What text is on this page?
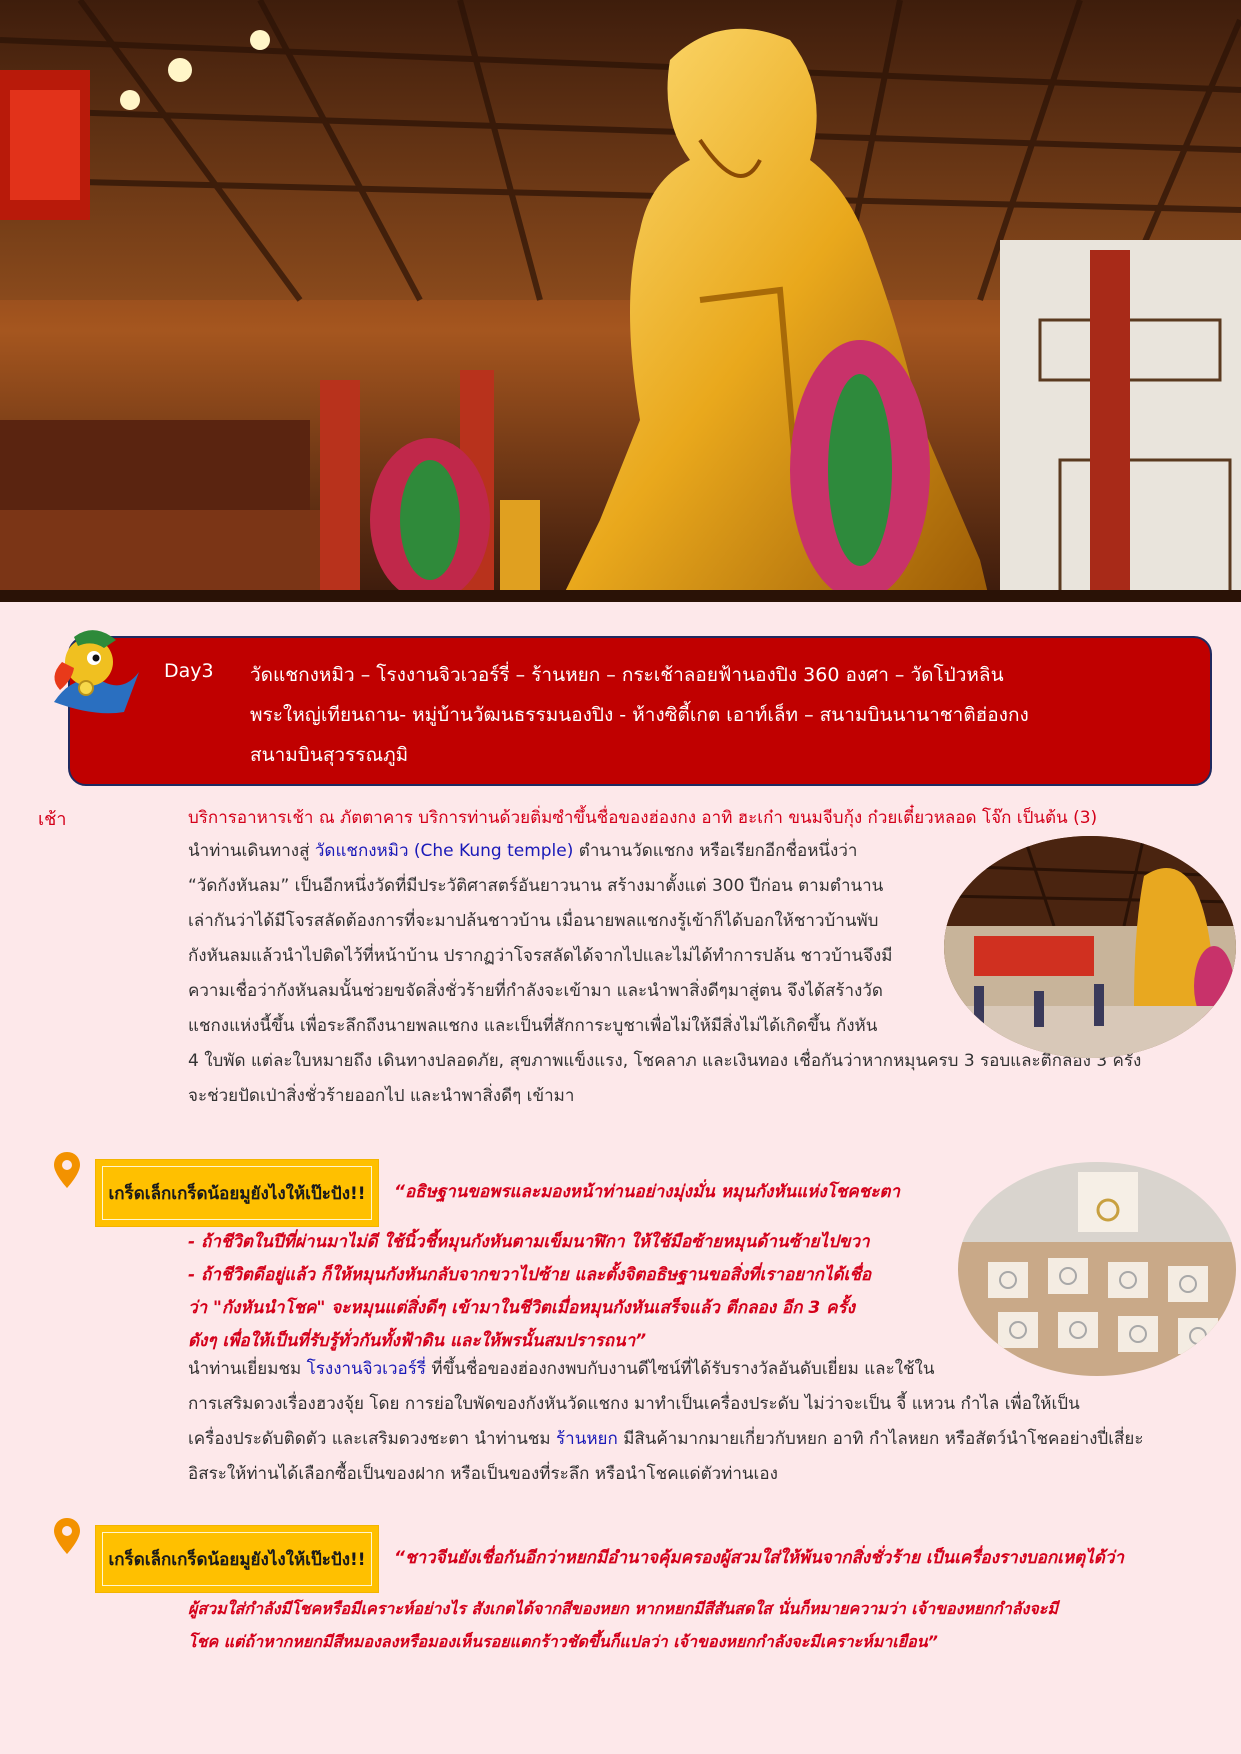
Day3 วัดแชกงหมิว – โรงงานจิวเวอร์รี่ – ร้านหยก – กระเช้าลอยฟ้านองปิง 360 องศา – วัดโป่วหลิน
พระใหญ่เทียนถาน- หมู่บ้านวัฒนธรรมนองปิง - ห้างซิตี้เกต เอาท์เล็ท – สนามบินนานาชาติฮ่องกง
สนามบินสุวรรณภูมิ
เช้า	บริการอาหารเช้า ณ ภัตตาคาร บริการท่านด้วยติ่มซำขึ้นชื่อของฮ่องกง อาทิ ฮะเก๋า ขนมจีบกุ้ง ก๋วยเตี๋ยวหลอด โจ๊ก เป็นต้น (3)
นำท่านเดินทางสู่ วัดแชกงหมิว (Che Kung temple) ตำนานวัดแชกง หรือเรียกอีกชื่อหนึ่งว่า
“วัดกังหันลม” เป็นอีกหนึ่งวัดที่มีประวัติศาสตร์อันยาวนาน สร้างมาตั้งแต่ 300 ปีก่อน ตามตำนาน
เล่ากันว่าได้มีโจรสลัดต้องการที่จะมาปล้นชาวบ้าน เมื่อนายพลแชกงรู้เข้าก็ได้บอกให้ชาวบ้านพับ
กังหันลมแล้วนำไปติดไว้ที่หน้าบ้าน ปรากฏว่าโจรสลัดได้จากไปและไม่ได้ทำการปล้น ชาวบ้านจึงมี
ความเชื่อว่ากังหันลมนั้นช่วยขจัดสิ่งชั่วร้ายที่กำลังจะเข้ามา และนำพาสิ่งดีๆมาสู่ตน จึงได้สร้างวัด
แชกงแห่งนี้ขึ้น เพื่อระลึกถึงนายพลแชกง และเป็นที่สักการะบูชาเพื่อไม่ให้มีสิ่งไม่ได้เกิดขึ้น กังหัน
4 ใบพัด แต่ละใบหมายถึง เดินทางปลอดภัย, สุขภาพแข็งแรง, โชคลาภ และเงินทอง เชื่อกันว่าหากหมุนครบ 3 รอบและตีกลอง 3 ครั้ง
จะช่วยปัดเป่าสิ่งชั่วร้ายออกไป และนำพาสิ่งดีๆ เข้ามา
เกร็ดเล็กเกร็ดน้อยมูยังไงให้เป๊ะปัง!! “อธิษฐานขอพรและมองหน้าท่านอย่างมุ่งมั่น หมุนกังหันแห่งโชคชะตา
- ถ้าชีวิตในปีที่ผ่านมาไม่ดี ใช้นิ้วชี้หมุนกังหันตามเข็มนาฬิกา ให้ใช้มือซ้ายหมุนด้านซ้ายไปขวา
- ถ้าชีวิตดีอยู่แล้ว ก็ให้หมุนกังหันกลับจากขวาไปซ้าย และตั้งจิตอธิษฐานขอสิ่งที่เราอยากได้เชื่อ
ว่า "กังหันนำโชค" จะหมุนแต่สิ่งดีๆ เข้ามาในชีวิตเมื่อหมุนกังหันเสร็จแล้ว ตีกลอง อีก 3 ครั้ง
ดังๆ เพื่อให้เป็นที่รับรู้ทั่วกันทั้งฟ้าดิน และให้พรนั้นสมปรารถนา”
นำท่านเยี่ยมชม โรงงานจิวเวอร์รี่ ที่ขึ้นชื่อของฮ่องกงพบกับงานดีไซน์ที่ได้รับรางวัลอันดับเยี่ยม และใช้ใน
การเสริมดวงเรื่องฮวงจุ้ย โดย การย่อใบพัดของกังหันวัดแชกง มาทำเป็นเครื่องประดับ ไม่ว่าจะเป็น จี้ แหวน กำไล เพื่อให้เป็น
เครื่องประดับติดตัว และเสริมดวงชะตา นำท่านชม ร้านหยก มีสินค้ามากมายเกี่ยวกับหยก อาทิ กำไลหยก หรือสัตว์นำโชคอย่างปี่เสี่ยะ
อิสระให้ท่านได้เลือกซื้อเป็นของฝาก หรือเป็นของที่ระลึก หรือนำโชคแด่ตัวท่านเอง
เกร็ดเล็กเกร็ดน้อยมูยังไงให้เป๊ะปัง!! “ชาวจีนยังเชื่อกันอีกว่าหยกมีอำนาจคุ้มครองผู้สวมใส่ให้พ้นจากสิ่งชั่วร้าย เป็นเครื่องรางบอกเหตุได้ว่า
ผู้สวมใส่กำลังมีโชคหรือมีเคราะห์อย่างไร สังเกตได้จากสีของหยก หากหยกมีสีสันสดใส นั่นก็หมายความว่า เจ้าของหยกกำลังจะมี
โชค แต่ถ้าหากหยกมีสีหมองลงหรือมองเห็นรอยแตกร้าวชัดขึ้นก็แปลว่า เจ้าของหยกกำลังจะมีเคราะห์มาเยือน”
